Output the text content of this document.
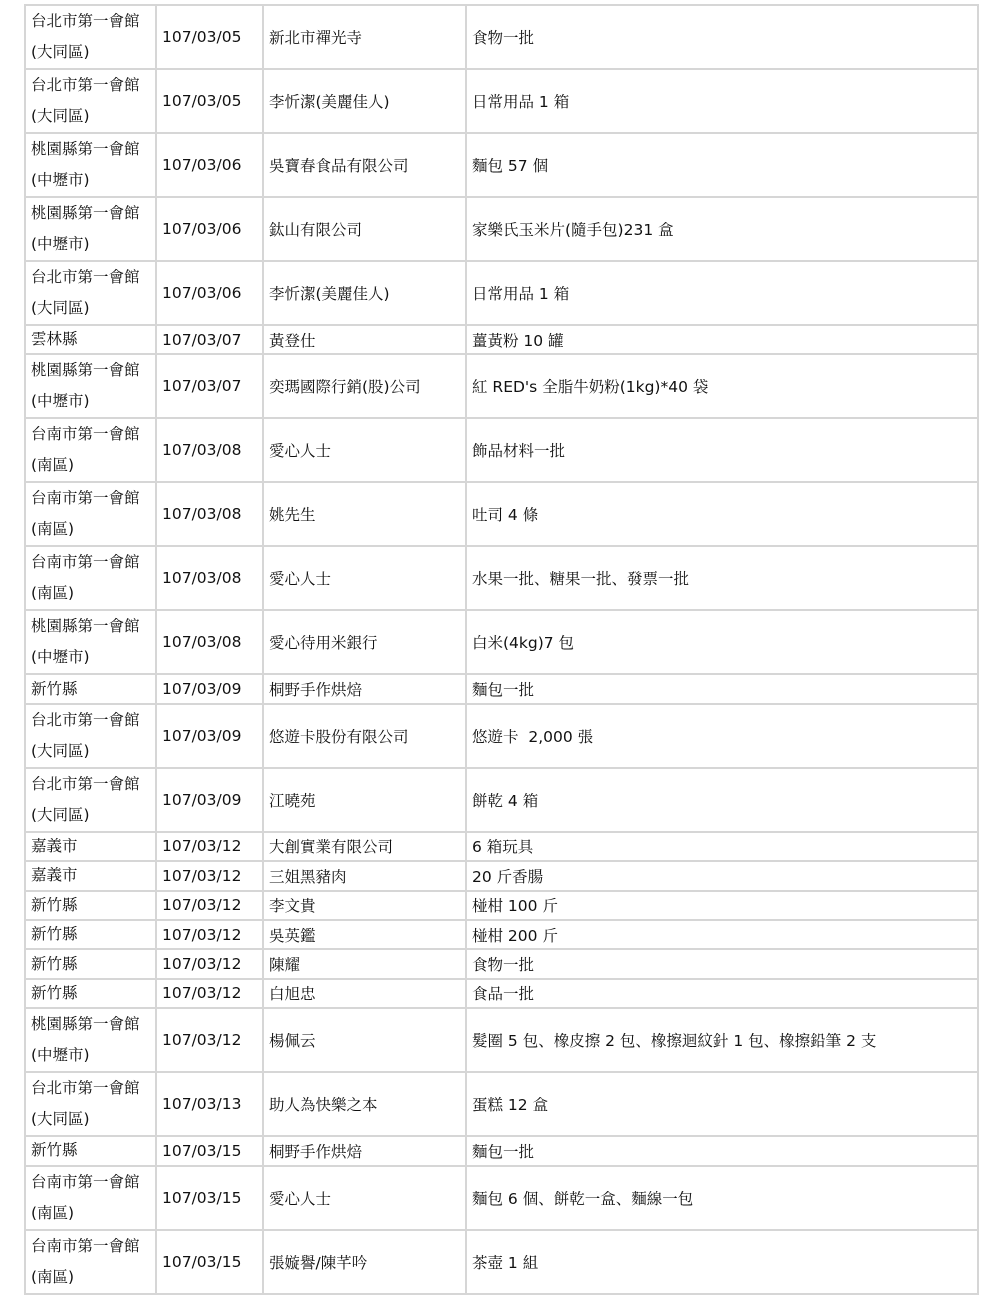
台北市第一會館
(大同區)	107/03/05	新北市禪光寺	食物一批

台北市第一會館
(大同區)	107/03/05	李忻潔(美麗佳人)	日常用品 1 箱

桃園縣第一會館
(中壢市)	107/03/06	吳寶春食品有限公司	麵包 57 個

桃園縣第一會館
(中壢市)	107/03/06	鈦山有限公司	家樂氏玉米片(隨手包)231 盒

台北市第一會館
(大同區)	107/03/06	李忻潔(美麗佳人)	日常用品 1 箱

雲林縣	107/03/07	黃登仕	薑黃粉 10 罐

桃園縣第一會館
(中壢市)	107/03/07	奕瑪國際行銷(股)公司	紅 RED's 全脂牛奶粉(1kg)*40 袋

台南市第一會館
(南區)	107/03/08	愛心人士	飾品材料一批

台南市第一會館
(南區)	107/03/08	姚先生	吐司 4 條

台南市第一會館
(南區)	107/03/08	愛心人士	水果一批、糖果一批、發票一批

桃園縣第一會館
(中壢市)	107/03/08	愛心待用米銀行	白米(4kg)7 包

新竹縣	107/03/09	桐野手作烘焙	麵包一批

台北市第一會館
(大同區)	107/03/09	悠遊卡股份有限公司	悠遊卡  2,000 張

台北市第一會館
(大同區)	107/03/09	江曉苑	餅乾 4 箱

嘉義市	107/03/12	大創實業有限公司	6 箱玩具

嘉義市	107/03/12	三姐黑豬肉	20 斤香腸

新竹縣	107/03/12	李文貴	椪柑 100 斤

新竹縣	107/03/12	吳英鑑	椪柑 200 斤

新竹縣	107/03/12	陳耀	食物一批

新竹縣	107/03/12	白旭忠	食品一批

桃園縣第一會館
(中壢市)	107/03/12	楊佩云	髮圈 5 包、橡皮擦 2 包、橡擦迴紋針 1 包、橡擦鉛筆 2 支

台北市第一會館
(大同區)	107/03/13	助人為快樂之本	蛋糕 12 盒

新竹縣	107/03/15	桐野手作烘焙	麵包一批

台南市第一會館
(南區)	107/03/15	愛心人士	麵包 6 個、餅乾一盒、麵線一包

台南市第一會館
(南區)	107/03/15	張嫙譽/陳芊吟	茶壺 1 組
